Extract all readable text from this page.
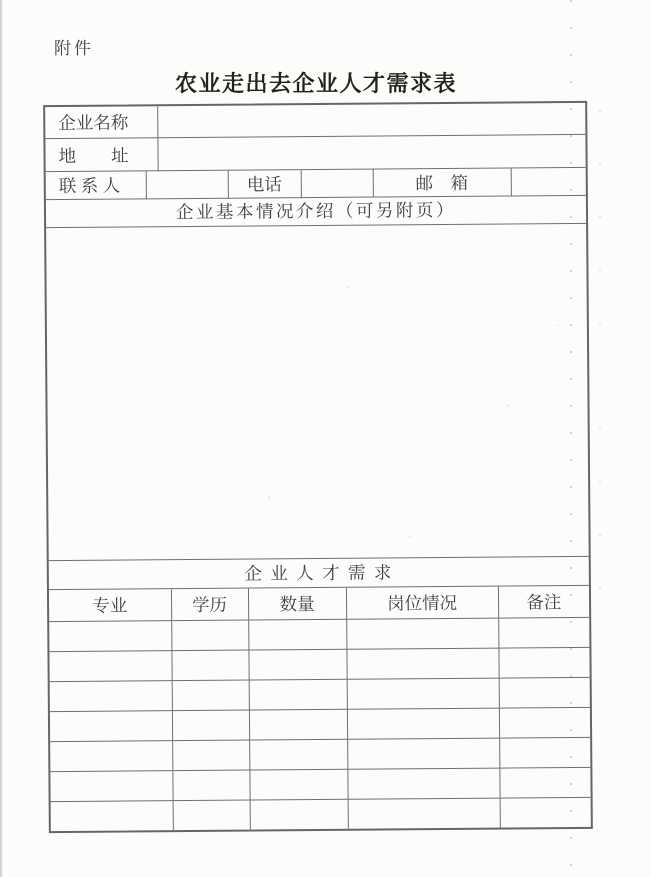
附件
农业走出去企业人才需求表
企业名称	
地　　址	
联 系 人		电话		邮　箱	
企业基本情况介绍（可另附页）
企 业 人 才 需 求
专业	学历	数量	岗位情况	备注
